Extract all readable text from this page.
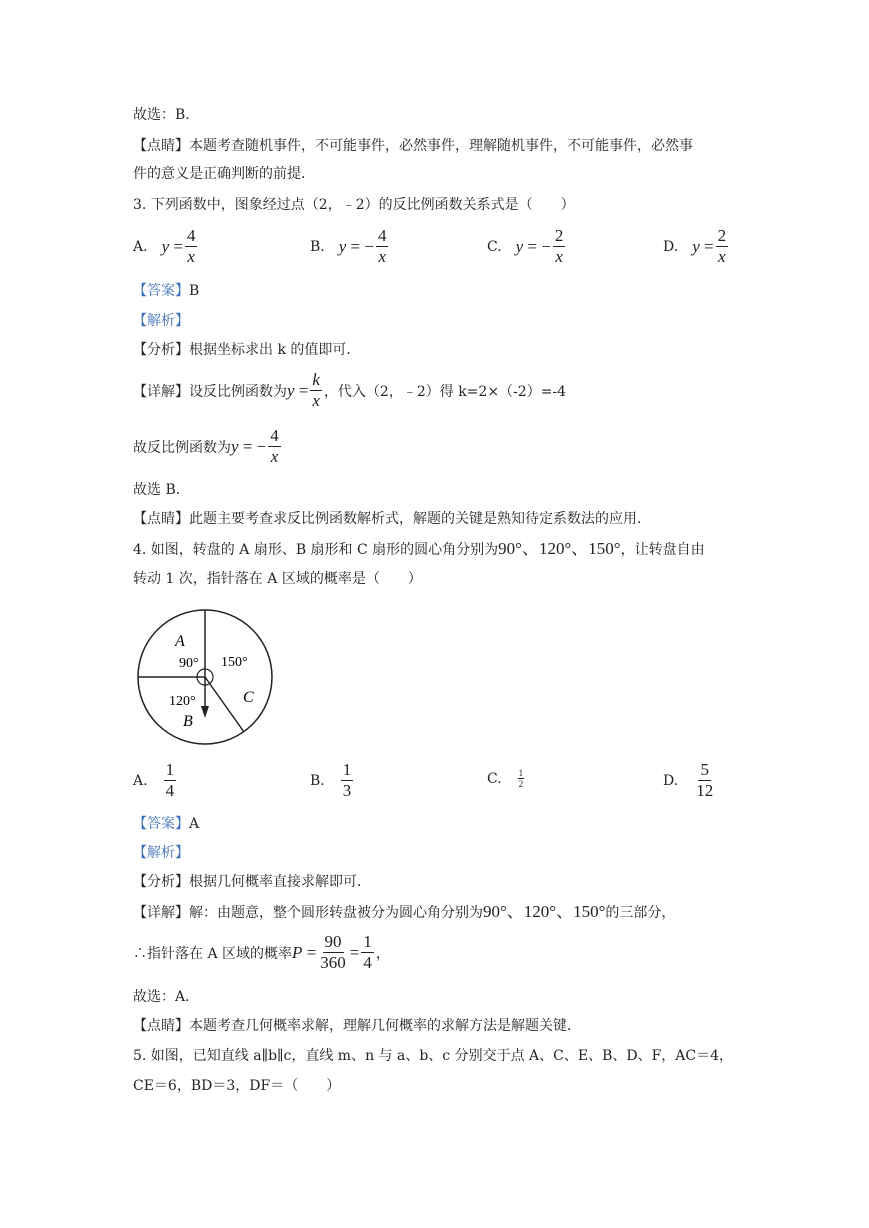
故选：B．
【点睛】本题考查随机事件，不可能事件，必然事件，理解随机事件，不可能事件，必然事
件的意义是正确判断的前提．
3. 下列函数中，图象经过点（2，﹣2）的反比例函数关系式是（　　）
A. $y = \frac{4}{x}$	B. y = − $\frac{4}{x}$	C. y = − $\frac{2}{x}$	D. $y = \frac{2}{x}$
【答案】B
【解析】
【分析】根据坐标求出 k 的值即可．
【详解】设反比例函数为 $y = \frac{k}{x}$ ，代入（2，﹣2）得 k=2×（-2）=-4
故反比例函数为 y = − $\frac{4}{x}$
故选 B．
【点睛】此题主要考查求反比例函数解析式，解题的关键是熟知待定系数法的应用．
4. 如图，转盘的 A 扇形、B 扇形和 C 扇形的圆心角分别为90°、120°、150°，让转盘自由
转动 1 次，指针落在 A 区域的概率是（　　）
A
90° 150°
120°	C
B
A. $\frac{1}{4}$	B. $\frac{1}{3}$	C. $\frac{1}{2}$	D. $\frac{5}{12}$
【答案】A
【解析】
【分析】根据几何概率直接求解即可．
【详解】解：由题意，整个圆形转盘被分为圆心角分别为90°、120°、150°的三部分，
∴指针落在 A 区域的概率 $P = \frac{90}{360} = \frac{1}{4}$ ，
故选：A．
【点睛】本题考查几何概率求解，理解几何概率的求解方法是解题关键．
5. 如图，已知直线 a∥b∥c，直线 m、n 与 a、b、c 分别交于点 A、C、E、B、D、F，AC＝4，
CE＝6，BD＝3，DF＝（　　）
